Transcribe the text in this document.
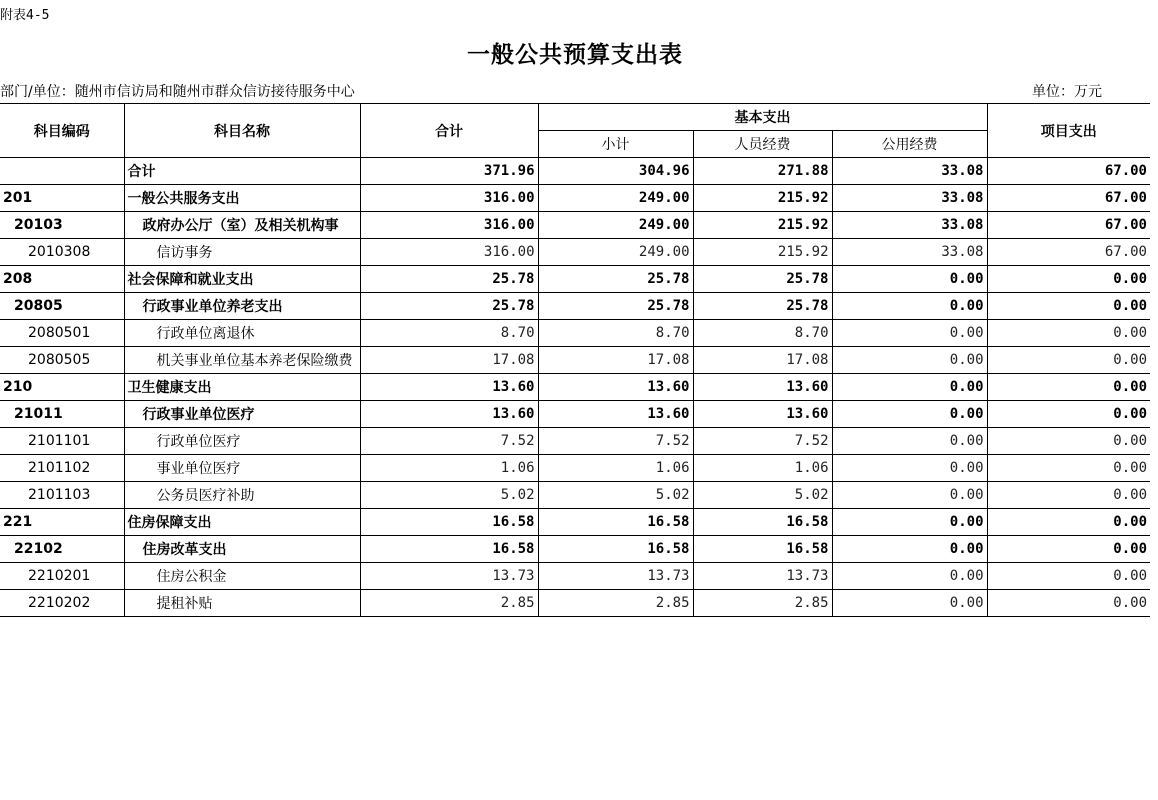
附表4-5
一般公共预算支出表
部门/单位：随州市信访局和随州市群众信访接待服务中心	单位：万元
科目编码	科目名称	合计	基本支出			项目支出
			小计	人员经费	公用经费	
	合计	371.96	304.96	271.88	33.08	67.00
201	一般公共服务支出	316.00	249.00	215.92	33.08	67.00
20103	政府办公厅（室）及相关机构事	316.00	249.00	215.92	33.08	67.00
2010308	信访事务	316.00	249.00	215.92	33.08	67.00
208	社会保障和就业支出	25.78	25.78	25.78	0.00	0.00
20805	行政事业单位养老支出	25.78	25.78	25.78	0.00	0.00
2080501	行政单位离退休	8.70	8.70	8.70	0.00	0.00
2080505	机关事业单位基本养老保险缴费	17.08	17.08	17.08	0.00	0.00
210	卫生健康支出	13.60	13.60	13.60	0.00	0.00
21011	行政事业单位医疗	13.60	13.60	13.60	0.00	0.00
2101101	行政单位医疗	7.52	7.52	7.52	0.00	0.00
2101102	事业单位医疗	1.06	1.06	1.06	0.00	0.00
2101103	公务员医疗补助	5.02	5.02	5.02	0.00	0.00
221	住房保障支出	16.58	16.58	16.58	0.00	0.00
22102	住房改革支出	16.58	16.58	16.58	0.00	0.00
2210201	住房公积金	13.73	13.73	13.73	0.00	0.00
2210202	提租补贴	2.85	2.85	2.85	0.00	0.00
